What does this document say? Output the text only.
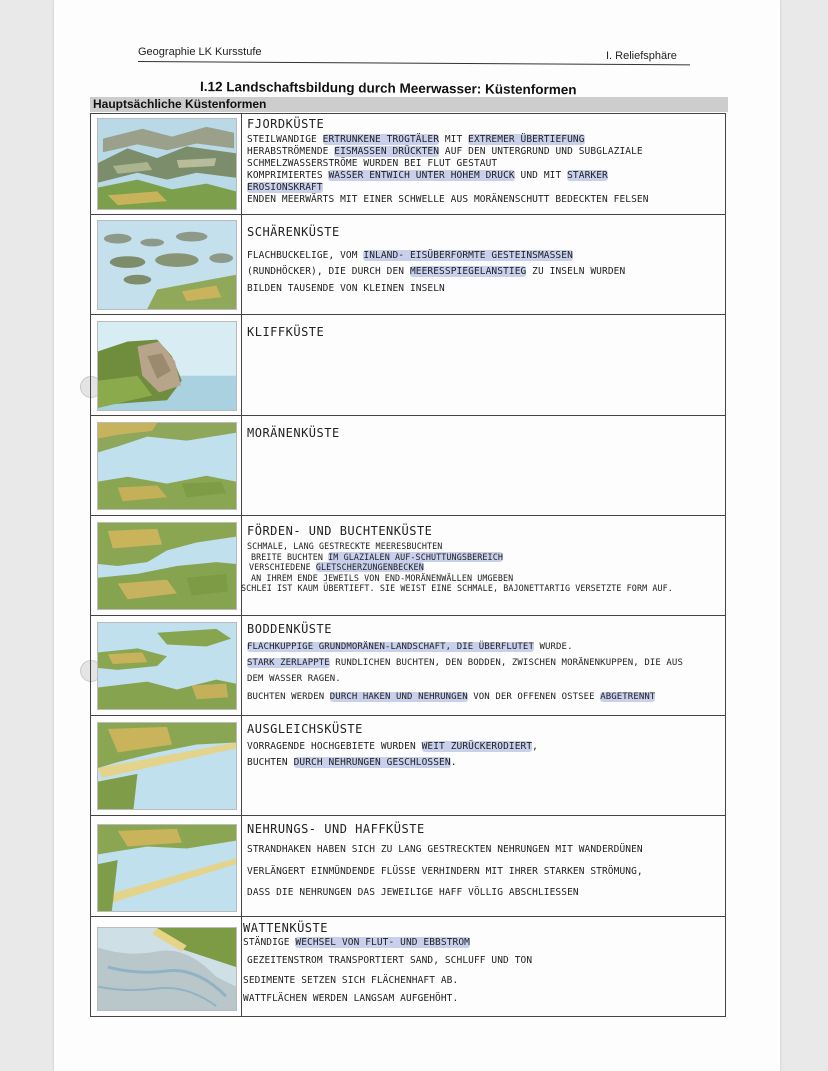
Geographie LK Kursstufe	I. Reliefsphäre
I.12 Landschaftsbildung durch Meerwasser: Küstenformen
Hauptsächliche Küstenformen
FJORDKÜSTE
STEILWANDIGE ERTRUNKENE TROGTÄLER MIT EXTREMER ÜBERTIEFUNG
HERABSTRÖMENDE EISMASSEN DRÜCKTEN AUF DEN UNTERGRUND UND SUBGLAZIALE
SCHMELZWASSERSTRÖME WURDEN BEI FLUT GESTAUT
KOMPRIMIERTES WASSER ENTWICH UNTER HOHEM DRUCK UND MIT STARKER
EROSIONSKRAFT
ENDEN MEERWÄRTS MIT EINER SCHWELLE AUS MORÄNENSCHUTT BEDECKTEN FELSEN
SCHÄRENKÜSTE
FLACHBUCKELIGE, VOM INLAND- EISÜBERFORMTE GESTEINSMASSEN
(RUNDHÖCKER), DIE DURCH DEN MEERESSPIEGELANSTIEG ZU INSELN WURDEN
BILDEN TAUSENDE VON KLEINEN INSELN
KLIFFKÜSTE
MORÄNENKÜSTE
FÖRDEN- UND BUCHTENKÜSTE
SCHMALE, LANG GESTRECKTE MEERESBUCHTEN
BREITE BUCHTEN IM GLAZIALEN AUF-SCHUTTUNGSBEREICH
VERSCHIEDENE GLETSCHERZUNGENBECKEN
AN IHREM ENDE JEWEILS VON END-MORÄNENWÄLLEN UMGEBEN
SCHLEI IST KAUM ÜBERTIEFT. SIE WEIST EINE SCHMALE, BAJONETTARTIG VERSETZTE FORM AUF.
BODDENKÜSTE
FLACHKUPPIGE GRUNDMORÄNEN-LANDSCHAFT, DIE ÜBERFLUTET WURDE.
STARK ZERLAPPTE RUNDLICHEN BUCHTEN, DEN BODDEN, ZWISCHEN MORÄNENKUPPEN, DIE AUS
DEM WASSER RAGEN.
BUCHTEN WERDEN DURCH HAKEN UND NEHRUNGEN VON DER OFFENEN OSTSEE ABGETRENNT
AUSGLEICHSKÜSTE
VORRAGENDE HOCHGEBIETE WURDEN WEIT ZURÜCKERODIERT,
BUCHTEN DURCH NEHRUNGEN GESCHLOSSEN.
NEHRUNGS- UND HAFFKÜSTE
STRANDHAKEN HABEN SICH ZU LANG GESTRECKTEN NEHRUNGEN MIT WANDERDÜNEN
VERLÄNGERT EINMÜNDENDE FLÜSSE VERHINDERN MIT IHRER STARKEN STRÖMUNG,
DASS DIE NEHRUNGEN DAS JEWEILIGE HAFF VÖLLIG ABSCHLIESSEN
WATTENKÜSTE
STÄNDIGE WECHSEL VON FLUT- UND EBBSTROM
GEZEITENSTROM TRANSPORTIERT SAND, SCHLUFF UND TON
SEDIMENTE SETZEN SICH FLÄCHENHAFT AB.
WATTFLÄCHEN WERDEN LANGSAM AUFGEHÖHT.
